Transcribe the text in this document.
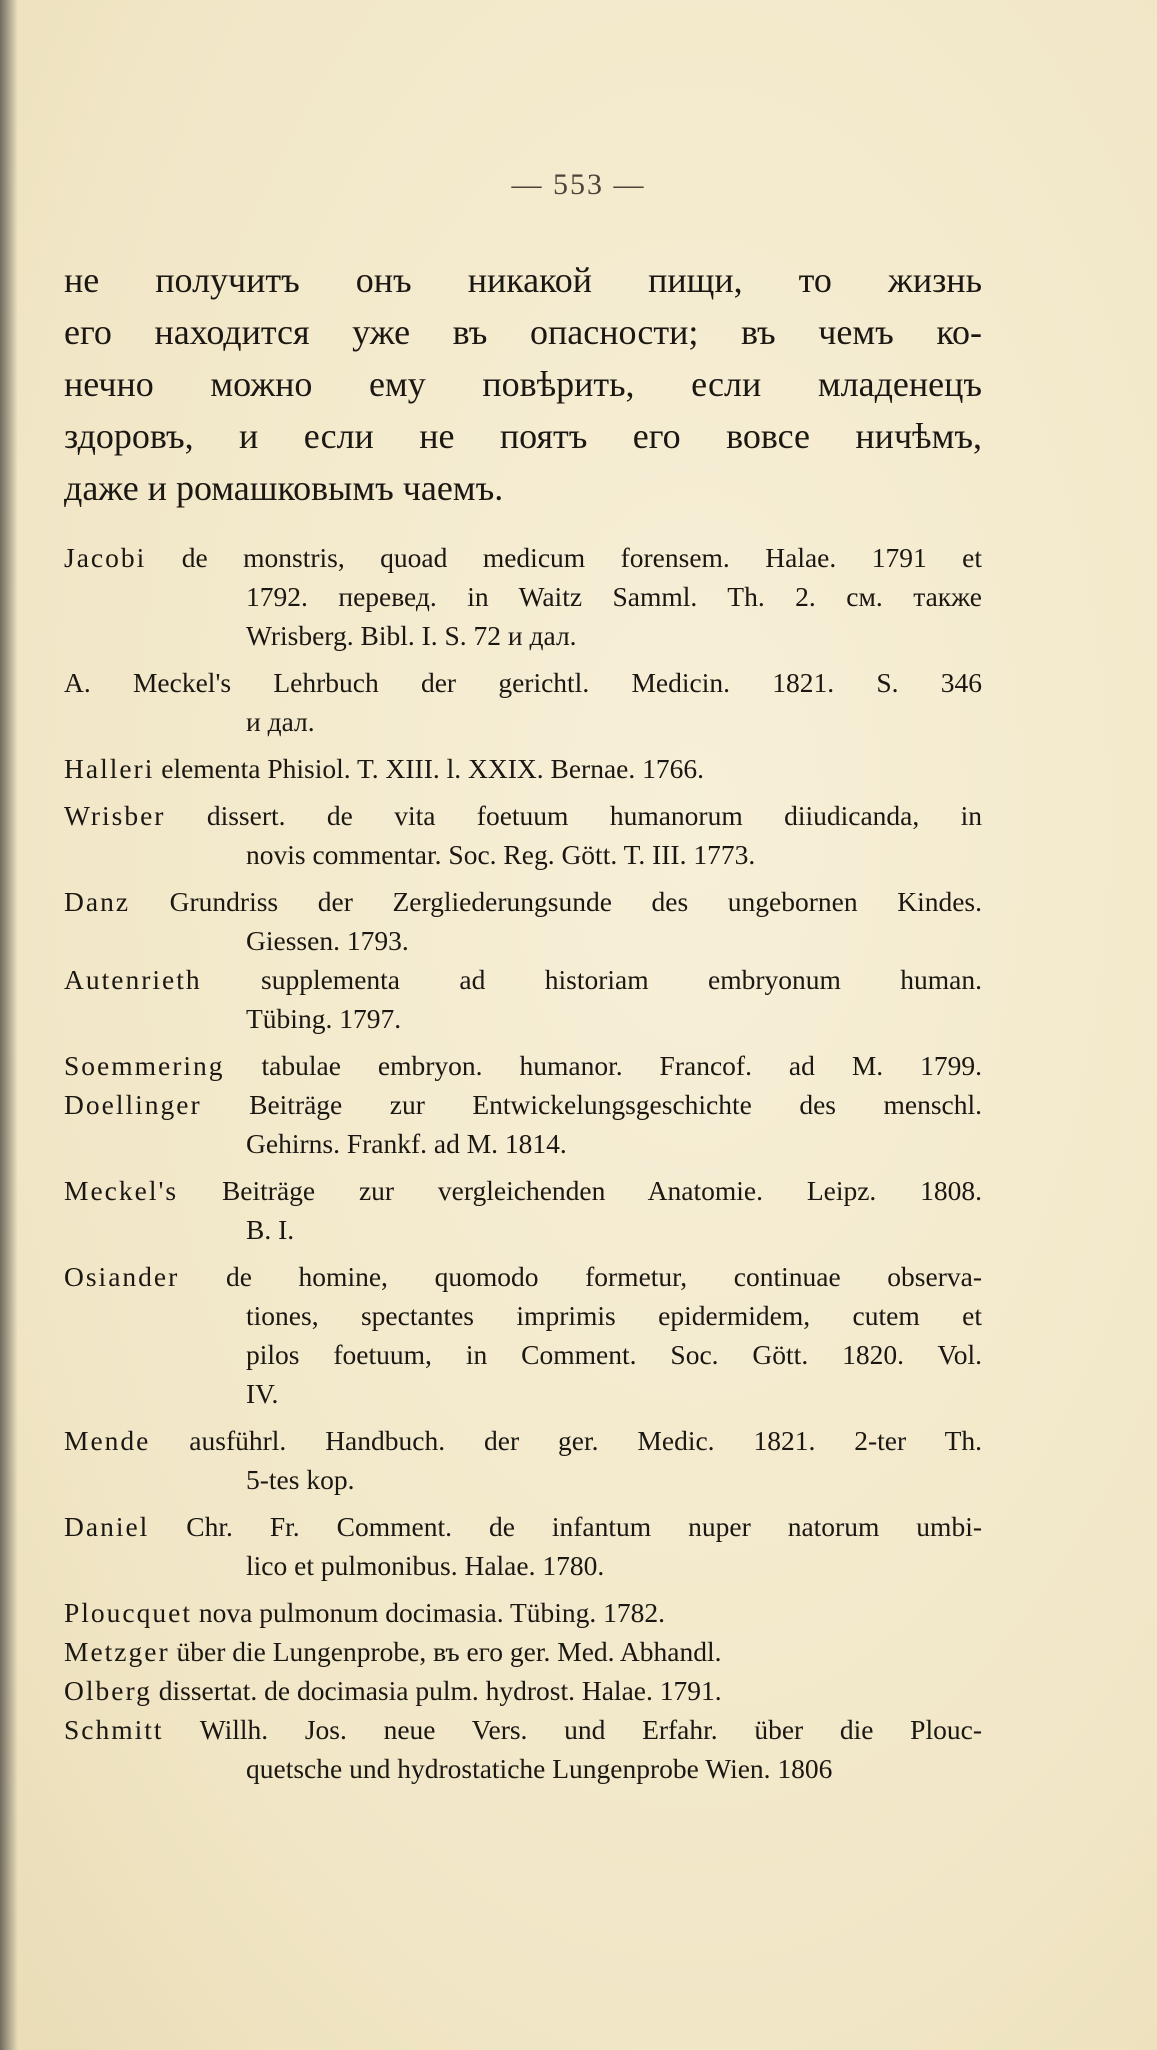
— 553 —
не получитъ онъ никакой пищи, то жизнь
его находится уже въ опасности; въ чемъ ко-
нечно можно ему повѣрить, если младенецъ
здоровъ, и если не поятъ его вовсе ничѣмъ,
даже и ромашковымъ чаемъ.
Jacobi de monstris, quoad medicum forensem. Halae. 1791 et
1792. перевед. in Waitz Samml. Th. 2. см. также
Wrisberg. Bibl. I. S. 72 и дал.
A. Meckel's Lehrbuch der gerichtl. Medicin. 1821. S. 346
и дал.
Halleri elementa Phisiol. T. XIII. l. XXIX. Bernae. 1766.
Wrisber dissert. de vita foetuum humanorum diiudicanda, in
novis commentar. Soc. Reg. Gött. T. III. 1773.
Danz Grundriss der Zergliederungsunde des ungebornen Kindes.
Giessen. 1793.
Autenrieth supplementa ad historiam embryonum human.
Tübing. 1797.
Soemmering tabulae embryon. humanor. Francof. ad M. 1799.
Doellinger Beiträge zur Entwickelungsgeschichte des menschl.
Gehirns. Frankf. ad M. 1814.
Meckel's Beiträge zur vergleichenden Anatomie. Leipz. 1808.
B. I.
Osiander de homine, quomodo formetur, continuae observa-
tiones, spectantes imprimis epidermidem, cutem et
pilos foetuum, in Comment. Soc. Gött. 1820. Vol.
IV.
Mende ausführl. Handbuch. der ger. Medic. 1821. 2-ter Th.
5-tes kop.
Daniel Chr. Fr. Comment. de infantum nuper natorum umbi-
lico et pulmonibus. Halae. 1780.
Ploucquet nova pulmonum docimasia. Tübing. 1782.
Metzger über die Lungenprobe, въ его ger. Med. Abhandl.
Olberg dissertat. de docimasia pulm. hydrost. Halae. 1791.
Schmitt Willh. Jos. neue Vers. und Erfahr. über die Plouc-
quetsche und hydrostatiche Lungenprobe Wien. 1806
